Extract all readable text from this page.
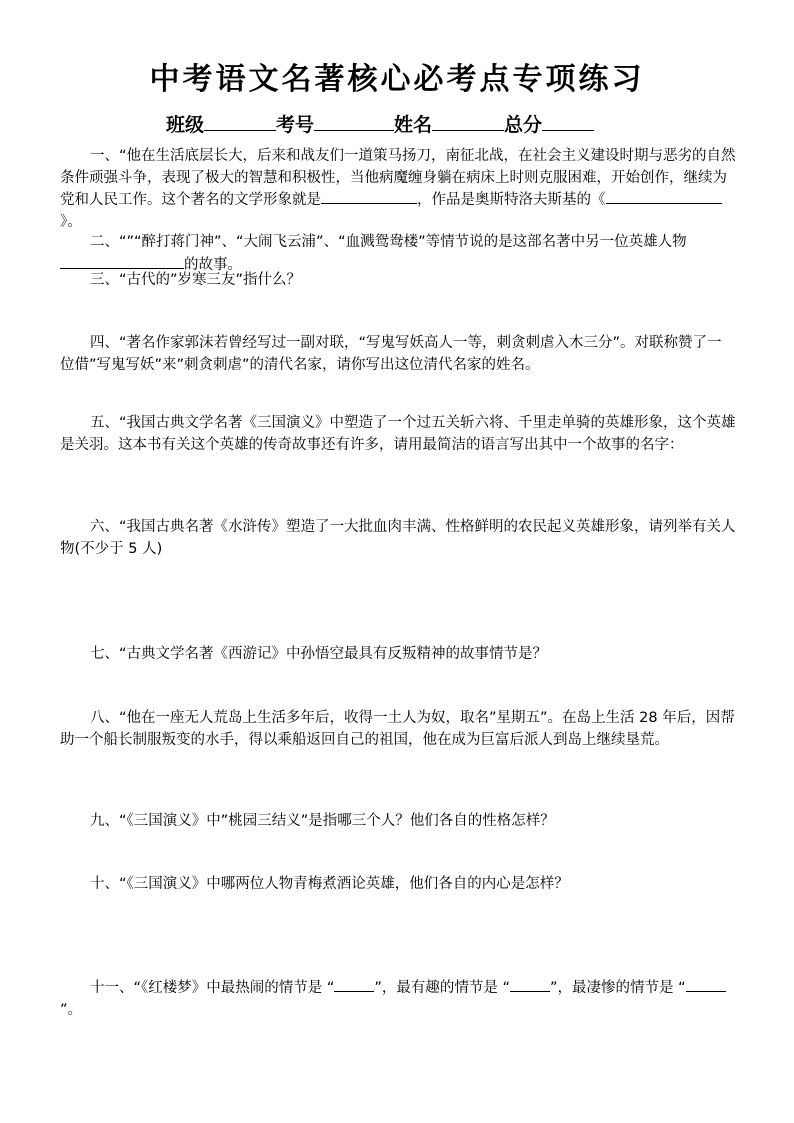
中考语文名著核心必考点专项练习
班级	考号	姓名	总分

一、“他在生活底层长大，后来和战友们一道策马扬刀，南征北战，在社会主义建设时期与恶劣的自然条件顽强斗争，表现了极大的智慧和积极性，当他病魔缠身躺在病床上时则克服困难，开始创作，继续为党和人民工作。这个著名的文学形象就是	，作品是奥斯特洛夫斯基的《》。

二、“”“醉打蒋门神”、“大闹飞云浦”、“血溅鸳鸯楼”等情节说的是这部名著中另一位英雄人物的故事。

三、“古代的”岁寒三友”指什么？

四、“著名作家郭沫若曾经写过一副对联，“写鬼写妖高人一等，刺贪刺虐入木三分”。对联称赞了一位借”写鬼写妖”来”刺贪刺虐”的清代名家，请你写出这位清代名家的姓名。

五、“我国古典文学名著《三国演义》中塑造了一个过五关斩六将、千里走单骑的英雄形象，这个英雄是关羽。这本书有关这个英雄的传奇故事还有许多，请用最简洁的语言写出其中一个故事的名字：

六、“我国古典名著《水浒传》塑造了一大批血肉丰满、性格鲜明的农民起义英雄形象，请列举有关人物(不少于 5 人)

七、“古典文学名著《西游记》中孙悟空最具有反叛精神的故事情节是？

八、“他在一座无人荒岛上生活多年后，收得一土人为奴，取名”星期五”。在岛上生活 28 年后，因帮助一个船长制服叛变的水手，得以乘船返回自己的祖国，他在成为巨富后派人到岛上继续垦荒。

九、“《三国演义》中”桃园三结义”是指哪三个人？他们各自的性格怎样？

十、“《三国演义》中哪两位人物青梅煮酒论英雄，他们各自的内心是怎样？

十一、“《红楼梦》中最热闹的情节是 “	”，最有趣的情节是 “	”，最凄惨的情节是 “”。
